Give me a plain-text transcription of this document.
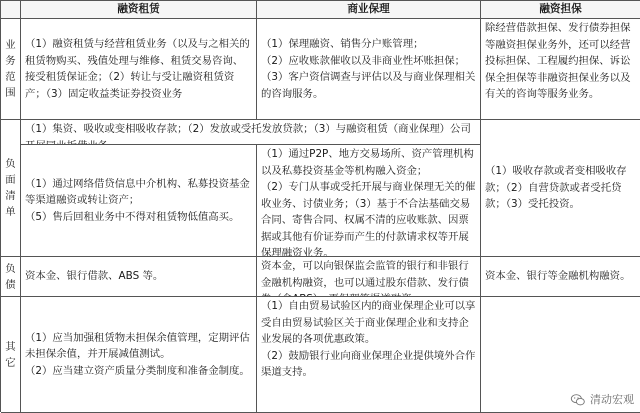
融资租赁	商业保理	融资担保
业务
范围
（1）融资租赁与经营租赁业务（以及与之相关的租赁物购买、残值处理与维修、租赁交易咨询、接受租赁保证金；（2）转让与受让融资租赁资产；（3）固定收益类证券投资业务
（1）保理融资、销售分户账管理；
（2）应收账款催收以及非商业性坏账担保；
（3）客户资信调查与评估以及与商业保理相关的咨询服务。
除经营借款担保、发行债券担保等融资担保业务外，还可以经营投标担保、工程履约担保、诉讼保全担保等非融资担保业务以及有关的咨询等服务业务。
负面
清单
（1）集资、吸收或变相吸收存款；（2）发放或受托发放贷款；（3）与融资租赁（商业保理）公司
（1）吸收存款或者变相吸收存款；（2）自营贷款或者受托贷款；（3）受托投资。
（1）通过网络借贷信息中介机构、私募投资基金等渠道融资或转让资产；
（5）售后回租业务中不得对租赁物低值高买。
（1）通过P2P、地方交易场所、资产管理机构以及私募投资基金等机构融入资金；
（2）专门从事或受托开展与商业保理无关的催收业务、讨债业务；（3）基于不合法基础交易合同、寄售合同、权属不清的应收账款、因票据或其他有价证券而产生的付款请求权等开展保理融资业务。
负
债
资本金、银行借款、ABS 等。
资本金，可以向银保监会监管的银行和非银行金融机构融资，也可以通过股东借款、发行债
资本金、银行等金融机构融资。
其
它
（1）应当加强租赁物未担保余值管理，定期评估未担保余值，并开展减值测试。
（2）应当建立资产质量分类制度和准备金制度。
（1）自由贸易试验区内的商业保理企业可以享受自由贸易试验区关于商业保理企业和支持企业发展的各项优惠政策。
（2）鼓励银行业向商业保理企业提供境外合作渠道支持。
清动宏观
